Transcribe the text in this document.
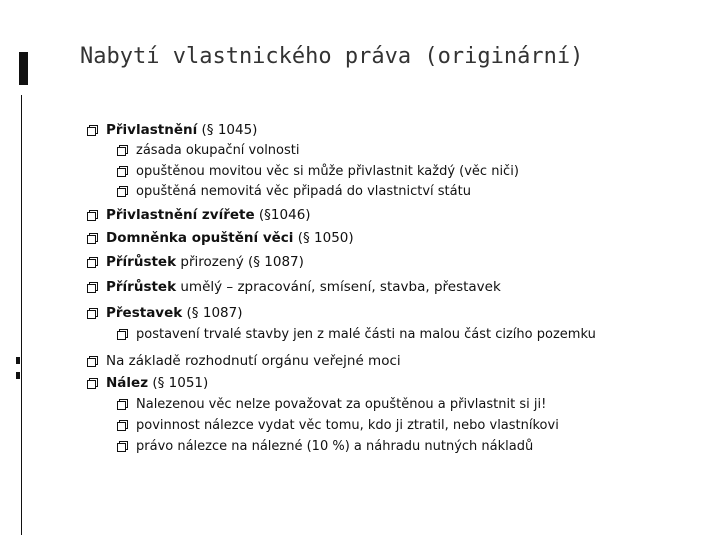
Nabytí vlastnického práva (originární)
Přivlastnění (§ 1045)
zásada okupační volnosti
opuštěnou movitou věc si může přivlastnit každý (věc niči)
opuštěná nemovitá věc připadá do vlastnictví státu
Přivlastnění zvířete (§1046)
Domněnka opuštění věci (§ 1050)
Přírůstek přirozený (§ 1087)
Přírůstek umělý – zpracování, smísení, stavba, přestavek
Přestavek (§ 1087)
postavení trvalé stavby jen z malé části na malou část cizího pozemku
Na základě rozhodnutí orgánu veřejné moci
Nález (§ 1051)
Nalezenou věc nelze považovat za opuštěnou a přivlastnit si ji!
povinnost nálezce vydat věc tomu, kdo ji ztratil, nebo vlastníkovi
právo nálezce na nálezné (10 %) a náhradu nutných nákladů
